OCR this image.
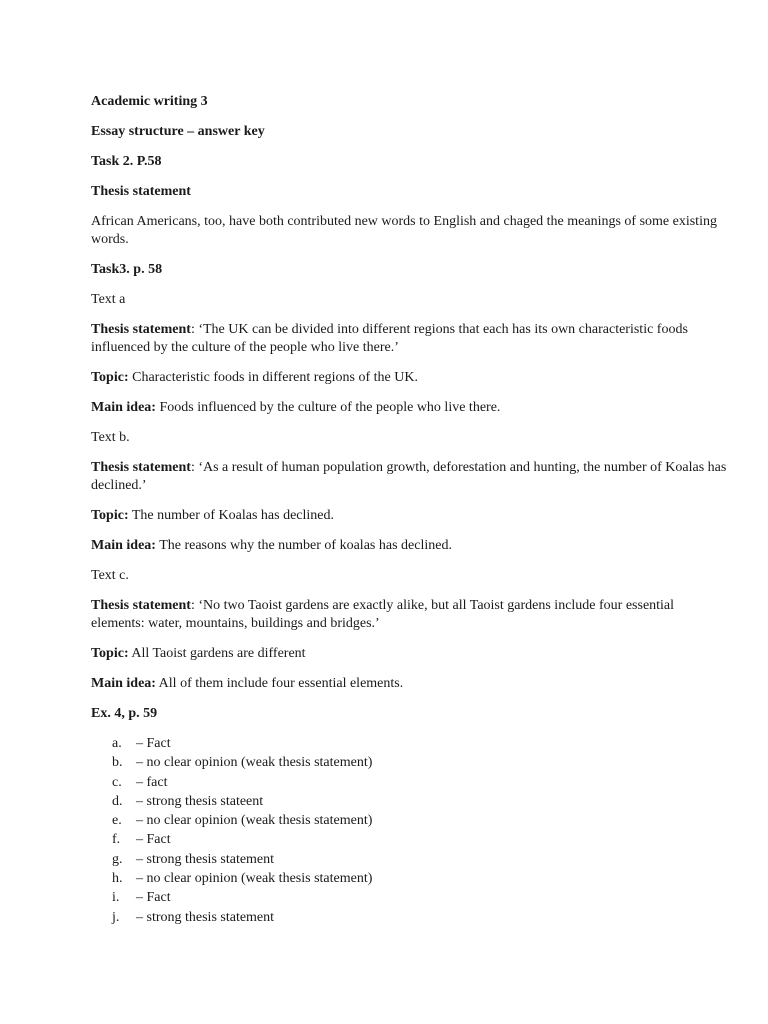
Academic writing 3

Essay structure – answer key

Task 2. P.58

Thesis statement

African Americans, too, have both contributed new words to English and chaged the meanings of some existing words.

Task3. p. 58

Text a

Thesis statement: ‘The UK can be divided into different regions that each has its own characteristic foods influenced by the culture of the people who live there.’

Topic: Characteristic foods in different regions of the UK.

Main idea: Foods influenced by the culture of the people who live there.

Text b.

Thesis statement: ‘As a result of human population growth, deforestation and hunting, the number of Koalas has declined.’

Topic: The number of Koalas has declined.

Main idea: The reasons why the number of koalas has declined.

Text c.

Thesis statement: ‘No two Taoist gardens are exactly alike, but all Taoist gardens include four essential elements: water, mountains, buildings and bridges.’

Topic: All Taoist gardens are different

Main idea: All of them include four essential elements.

Ex. 4, p. 59

a. – Fact
b. – no clear opinion (weak thesis statement)
c. – fact
d. – strong thesis stateent
e. – no clear opinion (weak thesis statement)
f. – Fact
g. – strong thesis statement
h. – no clear opinion (weak thesis statement)
i. – Fact
j. – strong thesis statement
